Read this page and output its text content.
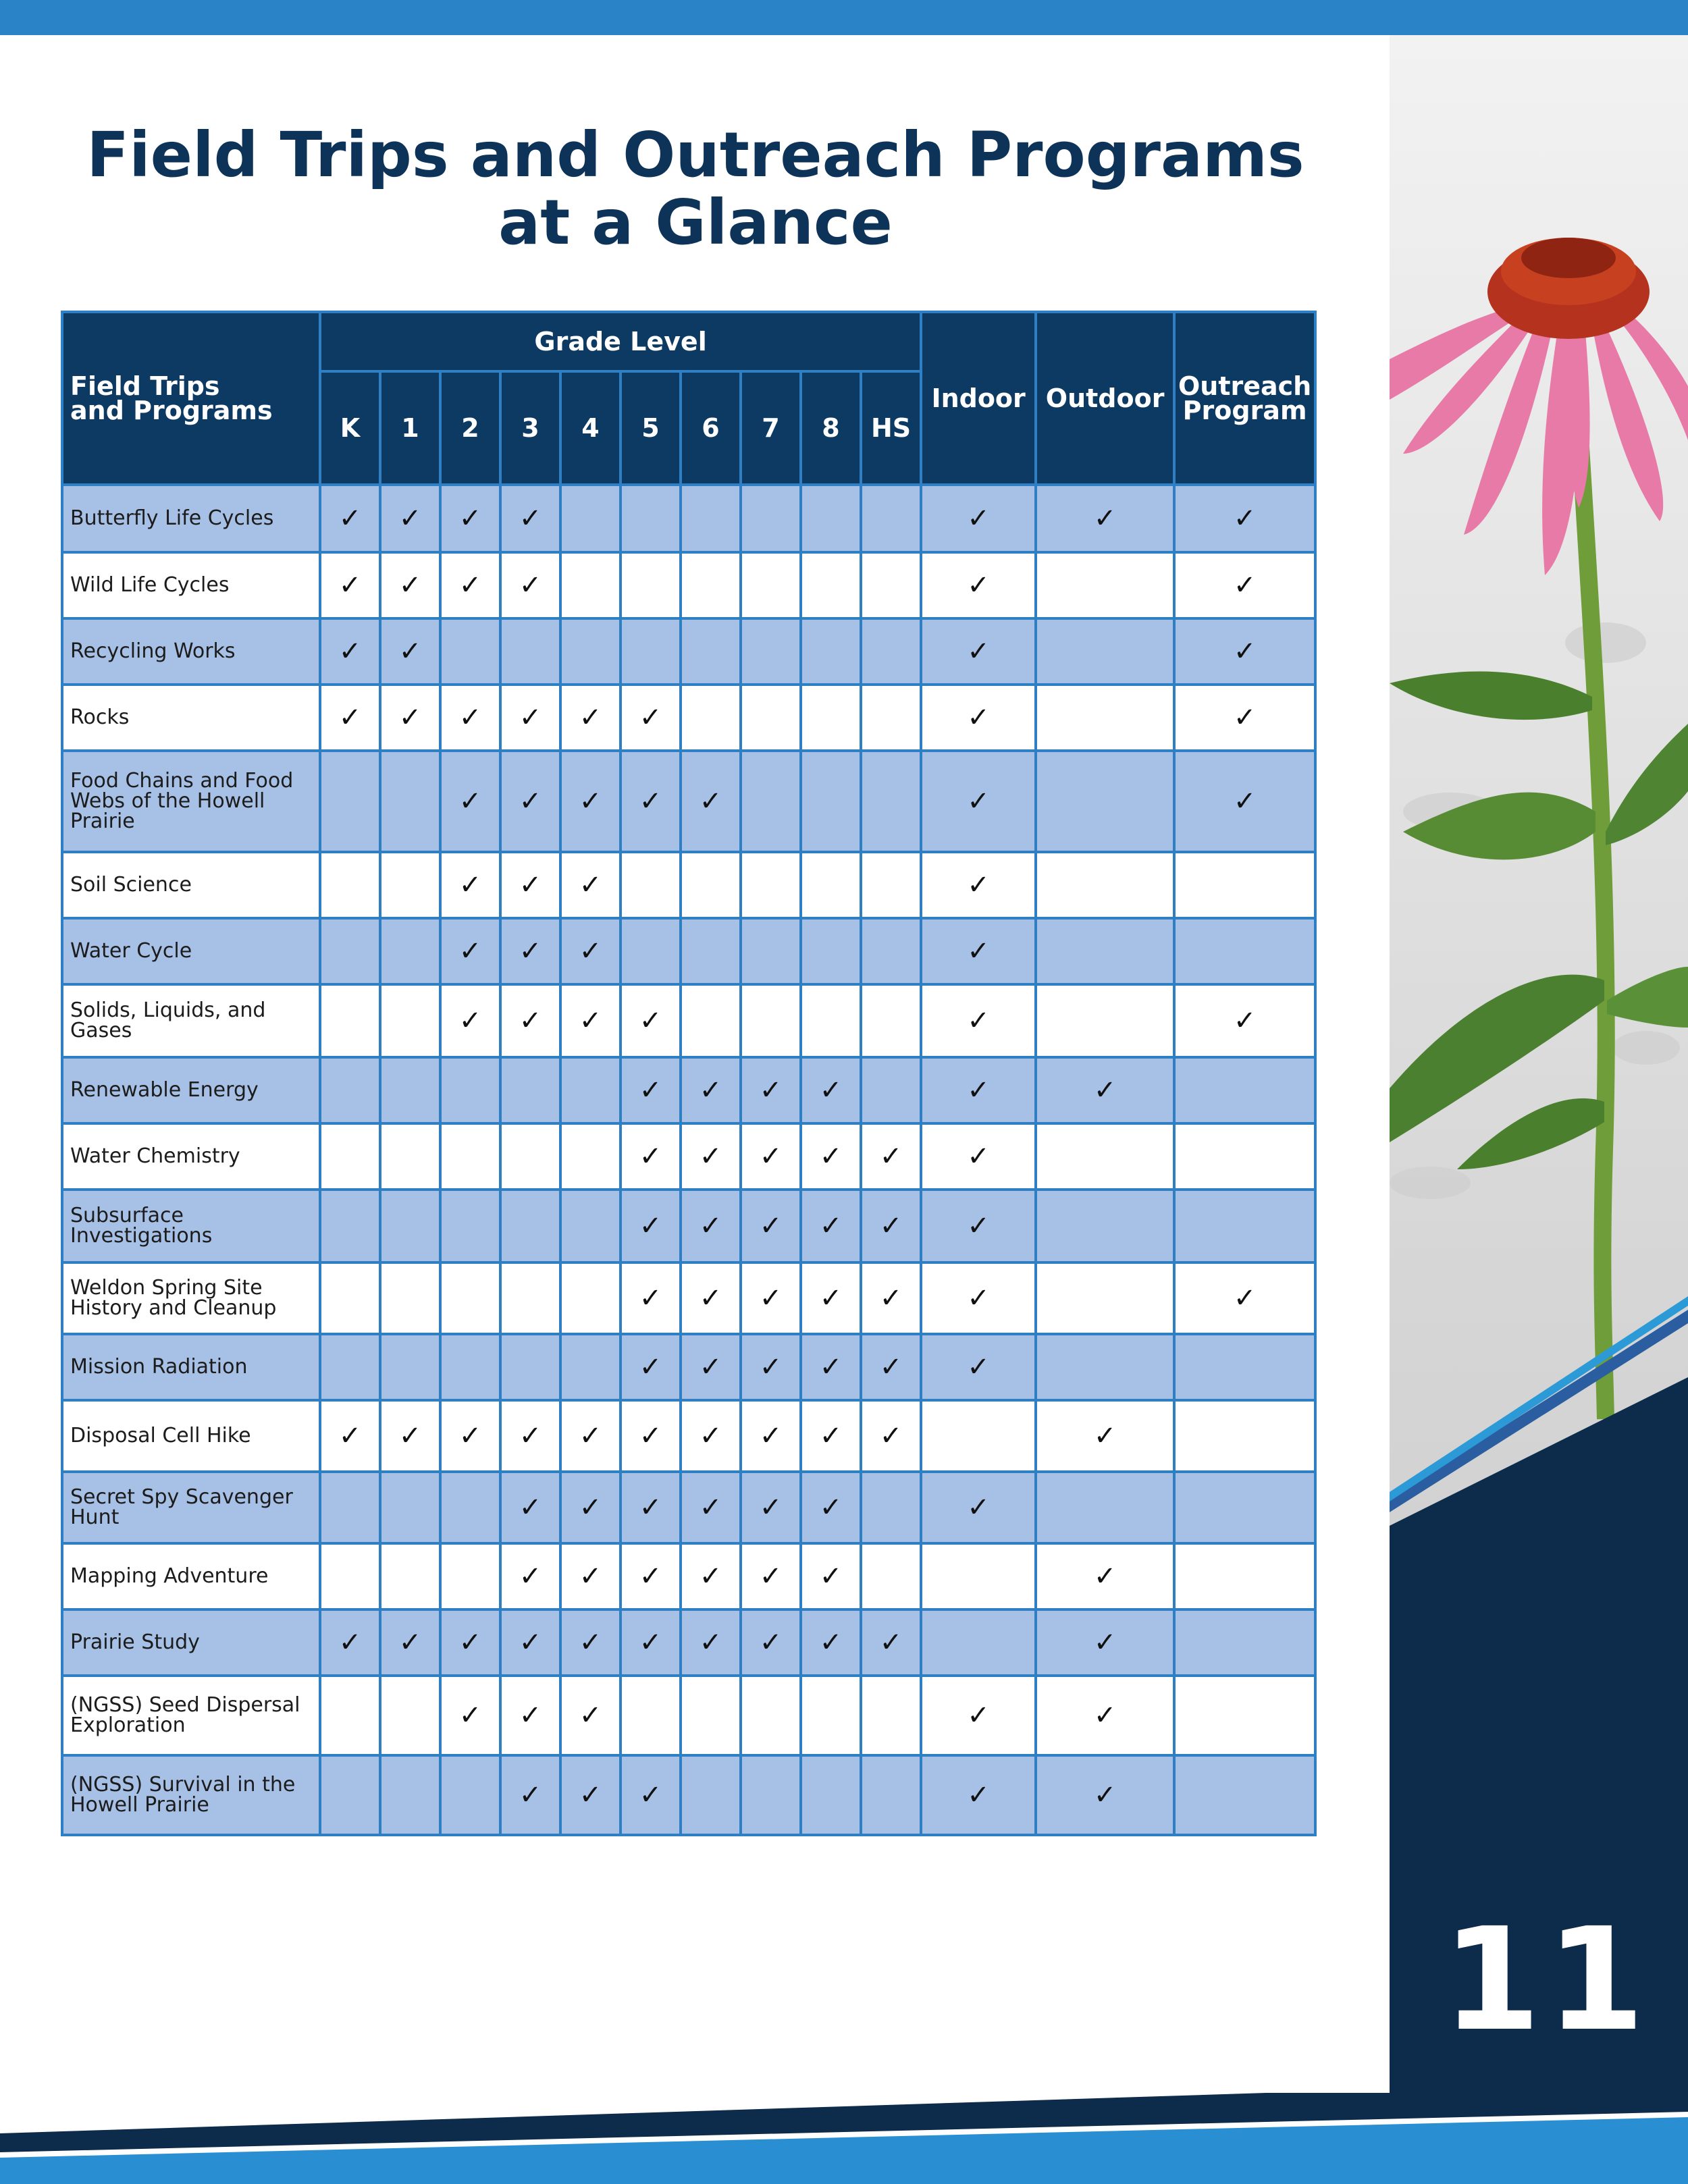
11
Field Trips and Outreach Programs
at a Glance
Field Trips
and Programs	Grade Level										Indoor	Outdoor	Outreach
Program

	K	1	2	3	4	5	6	7	8	HS			
Butterfly Life Cycles	✓	✓	✓	✓							✓	✓	✓
Wild Life Cycles	✓	✓	✓	✓							✓		✓
Recycling Works	✓	✓									✓		✓
Rocks	✓	✓	✓	✓	✓	✓					✓		✓
Food Chains and Food Webs of the Howell Prairie			✓	✓	✓	✓	✓				✓		✓
Soil Science			✓	✓	✓						✓		
Water Cycle			✓	✓	✓						✓		
Solids, Liquids, and Gases			✓	✓	✓	✓					✓		✓
Renewable Energy						✓	✓	✓	✓		✓	✓	
Water Chemistry						✓	✓	✓	✓	✓	✓		
Subsurface Investigations						✓	✓	✓	✓	✓	✓		
Weldon Spring Site History and Cleanup						✓	✓	✓	✓	✓	✓		✓
Mission Radiation						✓	✓	✓	✓	✓	✓		
Disposal Cell Hike	✓	✓	✓	✓	✓	✓	✓	✓	✓	✓		✓	
Secret Spy Scavenger Hunt				✓	✓	✓	✓	✓	✓		✓		
Mapping Adventure				✓	✓	✓	✓	✓	✓			✓	
Prairie Study	✓	✓	✓	✓	✓	✓	✓	✓	✓	✓		✓	
(NGSS) Seed Dispersal Exploration			✓	✓	✓						✓	✓	
(NGSS) Survival in the Howell Prairie				✓	✓	✓					✓	✓	
